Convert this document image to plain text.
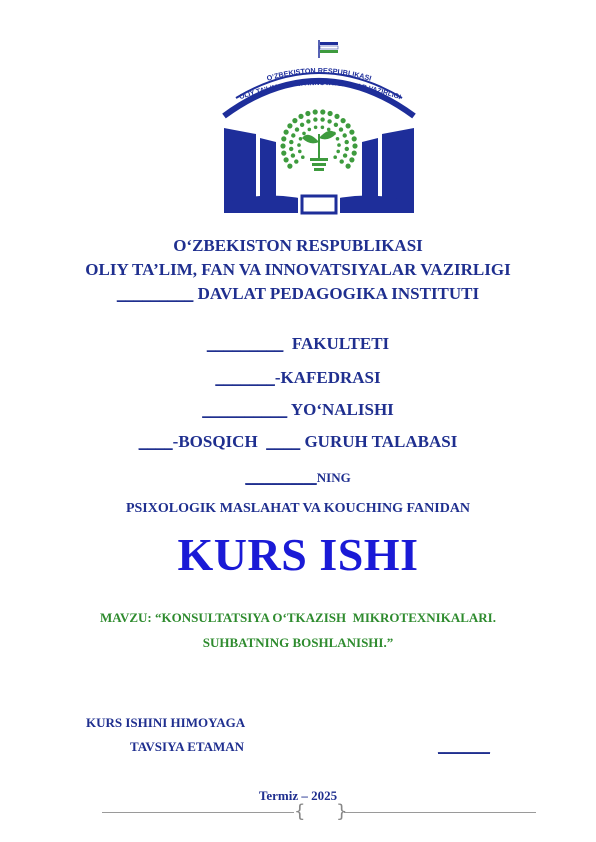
O’ZBEKISTON RESPUBLIKASI
OLIY TA’LIM, FAN VA INNOVATSIYALAR VAZIRLIGI
O‘ZBEKISTON RESPUBLIKASI
OLIY TA’LIM, FAN VA INNOVATSIYALAR VAZIRLIGI
_________ DAVLAT PEDAGOGIKA INSTITUTI
_________  FAKULTETI
_______-KAFEDRASI
__________ YO‘NALISHI
____-BOSQICH  ____ GURUH TALABASI
___________NING
PSIXOLOGIK MASLAHAT VA KOUCHING FANIDAN
KURS ISHI
MAVZU: “KONSULTATSIYA O‘TKAZISH  MIKROTEXNIKALARI.
SUHBATNING BOSHLANISHI.”
KURS ISHINI HIMOYAGA
TAVSIYA ETAMAN	________
Termiz – 2025
{ }
